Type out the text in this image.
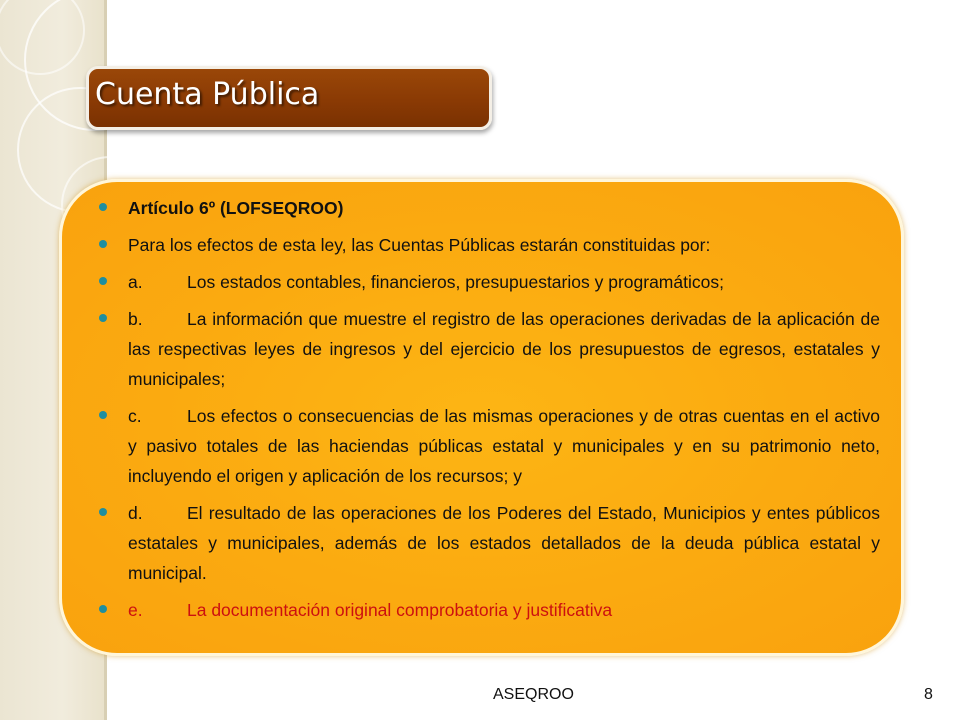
Cuenta Pública
Artículo 6º (LOFSEQROO)
Para los efectos de esta ley, las Cuentas Públicas estarán constituidas por:
a.	Los estados contables, financieros, presupuestarios y programáticos;
b.	La información que muestre el registro de las operaciones derivadas de la aplicación de las respectivas leyes de ingresos y del ejercicio de los presupuestos de egresos, estatales y municipales;
c.	Los efectos o consecuencias de las mismas operaciones y de otras cuentas en el activo y pasivo totales de las haciendas públicas estatal y municipales y en su patrimonio neto, incluyendo el origen y aplicación de los recursos; y
d.	El resultado de las operaciones de los Poderes del Estado, Municipios y entes públicos estatales y municipales, además de los estados detallados de la deuda pública estatal y municipal.
e.	La documentación original comprobatoria y justificativa
ASEQROO	8
